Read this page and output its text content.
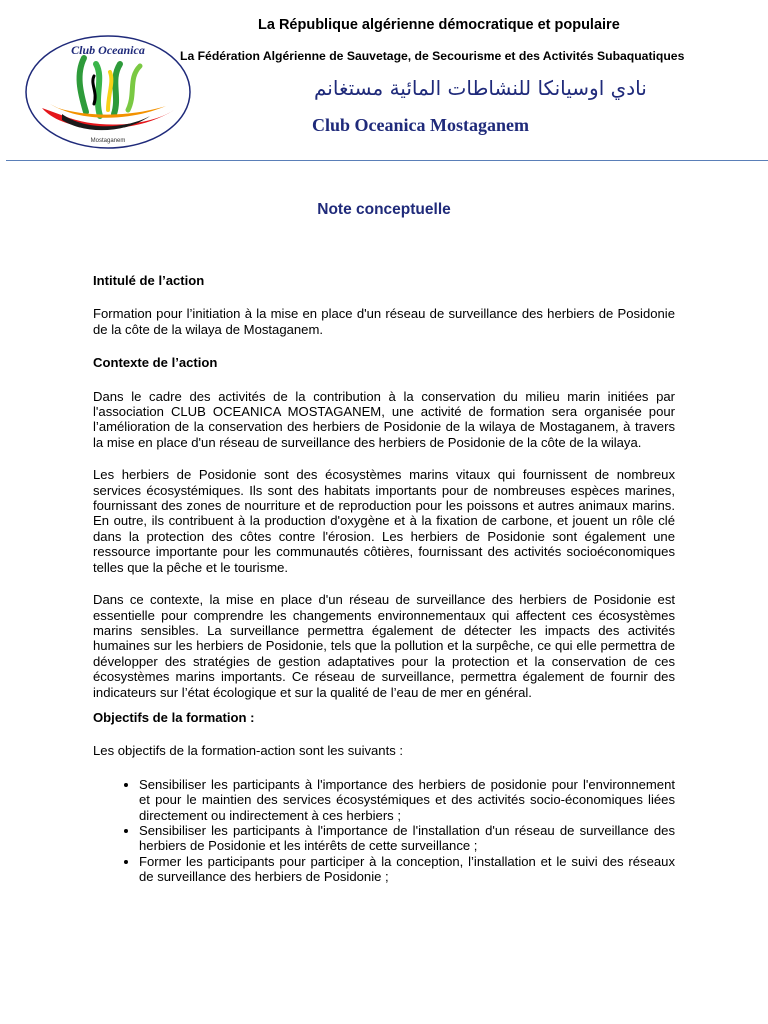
Club Oceanica
Mostaganem
La République algérienne démocratique et populaire
La Fédération Algérienne de Sauvetage, de Secourisme et des Activités Subaquatiques
نادي اوسيانكا للنشاطات المائية مستغانم
Club Oceanica Mostaganem
Note conceptuelle
Intitulé de l’action

Formation pour l’initiation à la mise en place d'un réseau de surveillance des herbiers de Posidonie de la côte de la wilaya de Mostaganem.

Contexte de l’action

Dans le cadre des activités de la contribution à la conservation du milieu marin initiées par l'association CLUB OCEANICA MOSTAGANEM, une activité de formation sera organisée pour l’amélioration de la conservation des herbiers de Posidonie de la wilaya de Mostaganem, à travers la mise en place d'un réseau de surveillance des herbiers de Posidonie de la côte de la wilaya.

Les herbiers de Posidonie sont des écosystèmes marins vitaux qui fournissent de nombreux services écosystémiques. Ils sont des habitats importants pour de nombreuses espèces marines, fournissant des zones de nourriture et de reproduction pour les poissons et autres animaux marins. En outre, ils contribuent à la production d'oxygène et à la fixation de carbone, et jouent un rôle clé dans la protection des côtes contre l'érosion. Les herbiers de Posidonie sont également une ressource importante pour les communautés côtières, fournissant des activités socioéconomiques telles que la pêche et le tourisme.

Dans ce contexte, la mise en place d'un réseau de surveillance des herbiers de Posidonie est essentielle pour comprendre les changements environnementaux qui affectent ces écosystèmes marins sensibles. La surveillance permettra également de détecter les impacts des activités humaines sur les herbiers de Posidonie, tels que la pollution et la surpêche, ce qui elle permettra de développer des stratégies de gestion adaptatives pour la protection et la conservation de ces écosystèmes marins importants. Ce réseau de surveillance, permettra également de fournir des indicateurs sur l’état écologique et sur la qualité de l’eau de mer en général.

Objectifs de la formation :

Les objectifs de la formation-action sont les suivants :

• Sensibiliser les participants à l'importance des herbiers de posidonie pour l'environnement et pour le maintien des services écosystémiques et des activités socio-économiques liées directement ou indirectement à ces herbiers ;
• Sensibiliser les participants à l'importance de l'installation d'un réseau de surveillance des herbiers de Posidonie et les intérêts de cette surveillance ;
• Former les participants pour participer à la conception, l’installation et le suivi des réseaux de surveillance des herbiers de Posidonie ;
